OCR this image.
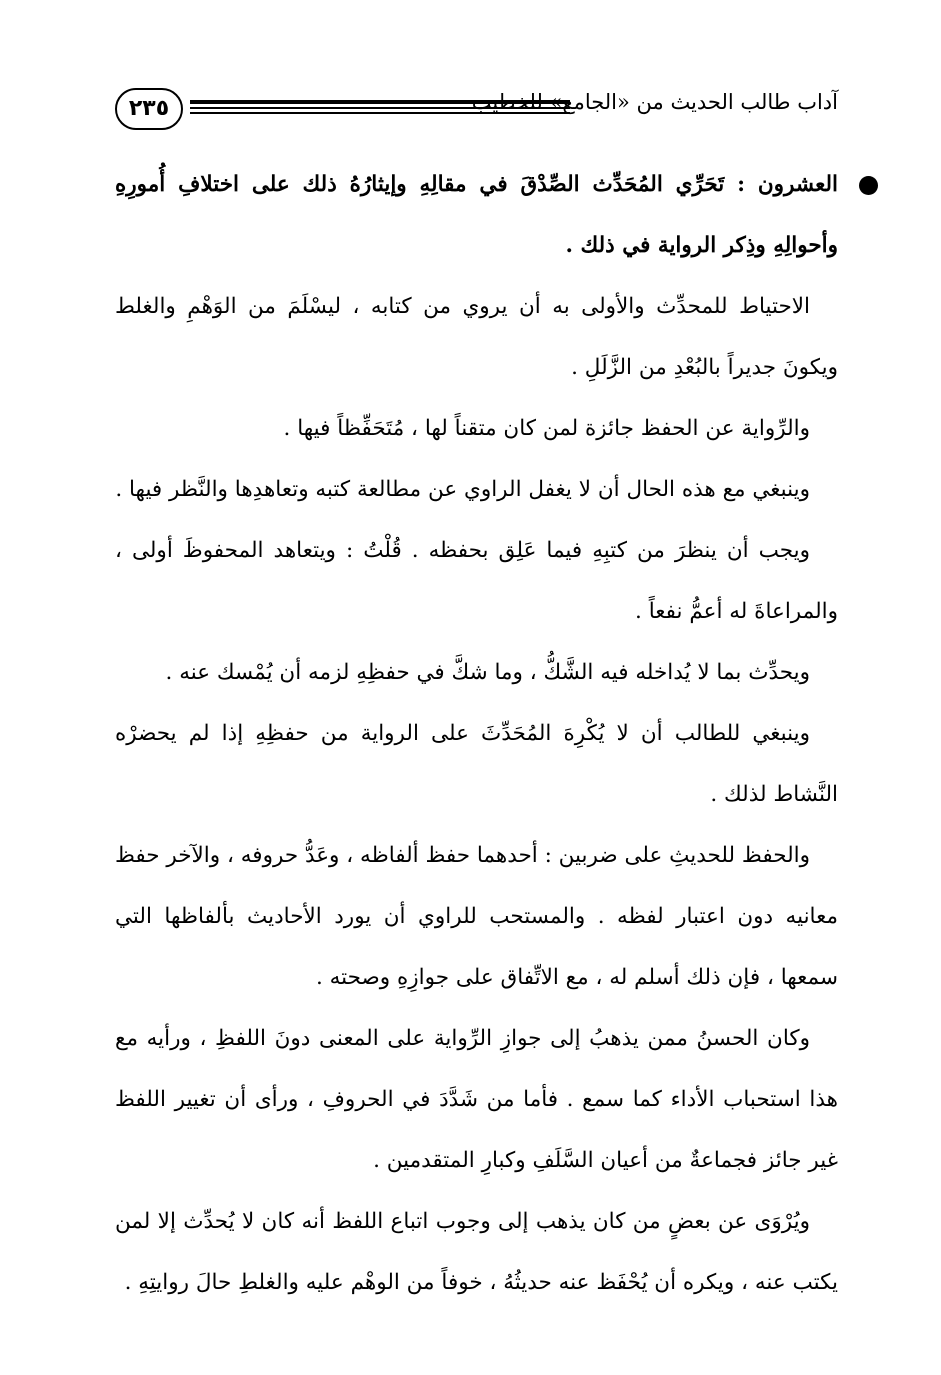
٢٣٥	آداب طالب الحديث من «الجامع» للخطيب
العشرون : تَحَرِّي المُحَدِّث الصِّدْقَ في مقالِهِ وإيثارُهُ ذلك على اختلافِ أُمورِهِ وأحوالِهِ وذِكر الرواية في ذلك .

الاحتياط للمحدِّث والأولى به أن يروي من كتابه ، ليسْلَمَ من الوَهْمِ والغلط ويكونَ جديراً بالبُعْدِ من الزَّلَلِ .

والرِّواية عن الحفظ جائزة لمن كان متقناً لها ، مُتَحَفِّظاً فيها .

وينبغي مع هذه الحال أن لا يغفل الراوي عن مطالعة كتبه وتعاهدِها والنَّظر فيها .

ويجب أن ينظرَ من كتبِهِ فيما عَلِق بحفظه . قُلْتُ : ويتعاهد المحفوظَ أولى ، والمراعاةَ له أعمُّ نفعاً .

ويحدِّث بما لا يُداخله فيه الشَّكُّ ، وما شكَّ في حفظِهِ لزمه أن يُمْسك عنه .

وينبغي للطالب أن لا يُكْرِهَ المُحَدِّثَ على الرواية من حفظِهِ إذا لم يحضرْه النَّشاط لذلك .

والحفظ للحديثِ على ضربين : أحدهما حفظ ألفاظه ، وعَدُّ حروفه ، والآخر حفظ معانيه دون اعتبار لفظه . والمستحب للراوي أن يورد الأحاديث بألفاظها التي سمعها ، فإن ذلك أسلم له ، مع الاتِّفاق على جوازِهِ وصحته .

وكان الحسنُ ممن يذهبُ إلى جوازِ الرِّواية على المعنى دونَ اللفظِ ، ورأيه مع هذا استحباب الأداء كما سمع . فأما من شَدَّدَ في الحروفِ ، ورأى أن تغيير اللفظ غير جائز فجماعةٌ من أعيان السَّلَفِ وكبارِ المتقدمين .

ويُرْوَى عن بعضٍ من كان يذهب إلى وجوب اتباع اللفظ أنه كان لا يُحدِّث إلا لمن يكتب عنه ، ويكره أن يُحْفَظ عنه حديثُهُ ، خوفاً من الوهْم عليه والغلطِ حالَ روايتِهِ .
